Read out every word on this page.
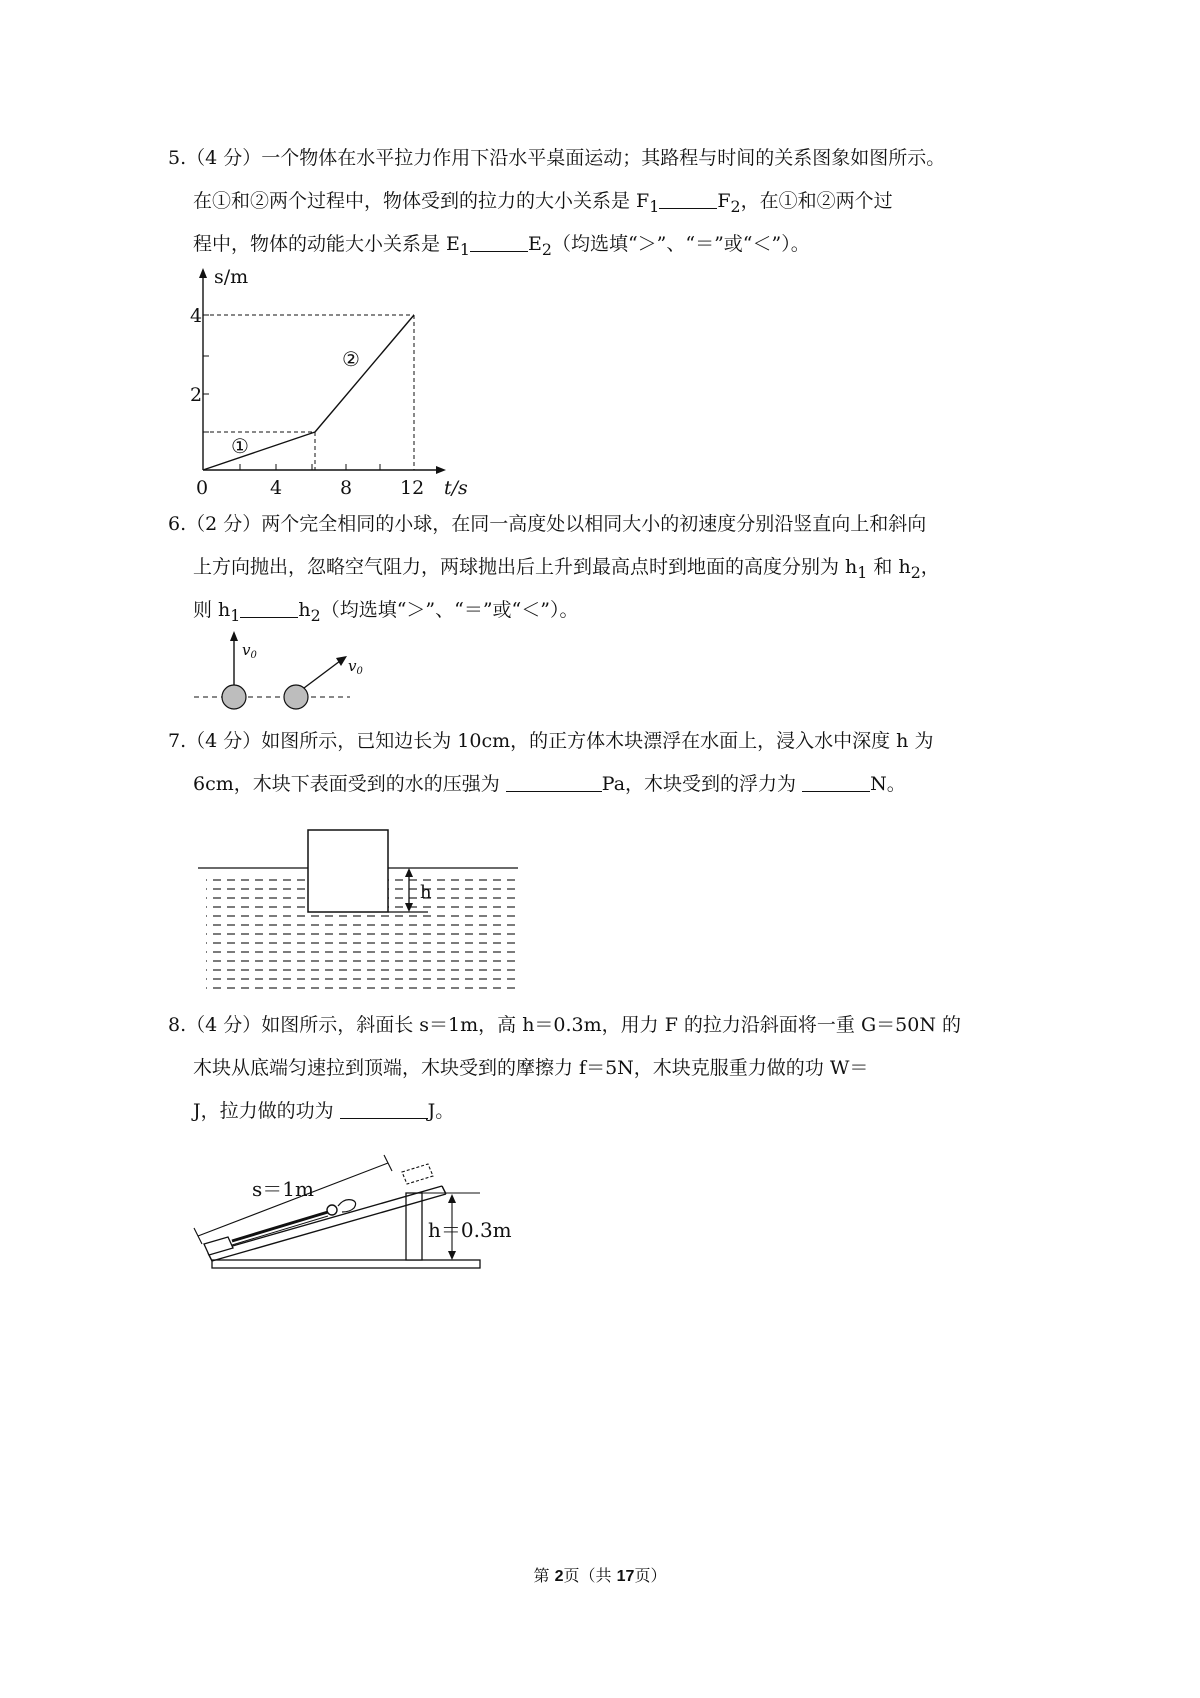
5.（4 分）一个物体在水平拉力作用下沿水平桌面运动；其路程与时间的关系图象如图所示。
在①和②两个过程中，物体受到的拉力的大小关系是 $F_1$	$F_2$，在①和②两个过
程中，物体的动能大小关系是 $E_1$	$E_2$（均选填“＞”、“＝”或“＜”）。
s/m
t/s
0	4	8	12
2
4
①
②
6.（2 分）两个完全相同的小球，在同一高度处以相同大小的初速度分别沿竖直向上和斜向
上方向抛出，忽略空气阻力，两球抛出后上升到最高点时到地面的高度分别为 $h_1$ 和 $h_2$，
则 $h_1$	$h_2$（均选填“＞”、“＝”或“＜”）。
$v_0$
$v_0$
7.（4 分）如图所示，已知边长为 10cm，的正方体木块漂浮在水面上，浸入水中深度 h 为
6cm，木块下表面受到的水的压强为	Pa，木块受到的浮力为	N。
h
8.（4 分）如图所示，斜面长 s＝1m，高 h＝0.3m，用力 F 的拉力沿斜面将一重 G＝50N 的
木块从底端匀速拉到顶端，木块受到的摩擦力 f＝5N，木块克服重力做的功 W＝
J，拉力做的功为	J。
s＝1m
h＝0.3m
第 2页（共 17页）
